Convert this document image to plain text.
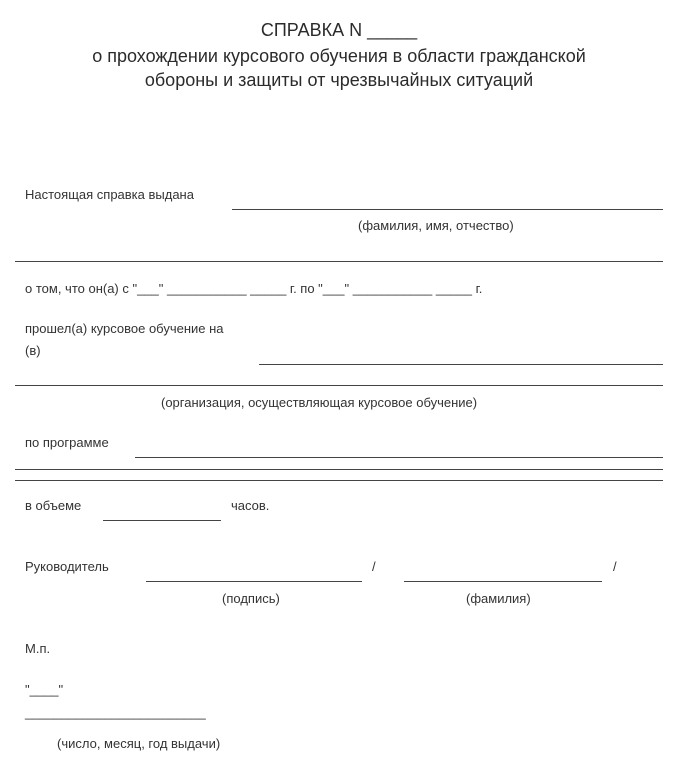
СПРАВКА N _____
о прохождении курсового обучения в области гражданской
обороны и защиты от чрезвычайных ситуаций
Настоящая справка выдана
(фамилия, имя, отчество)
о том, что он(а) с "___" ___________ _____ г. по "___" ___________ _____ г.
прошел(а) курсовое обучение на
(в)
(организация, осуществляющая курсовое обучение)
по программе
в объеме	часов.
Руководитель	/	/
(подпись)	(фамилия)
М.п.
"____"
_________________________
(число, месяц, год выдачи)
